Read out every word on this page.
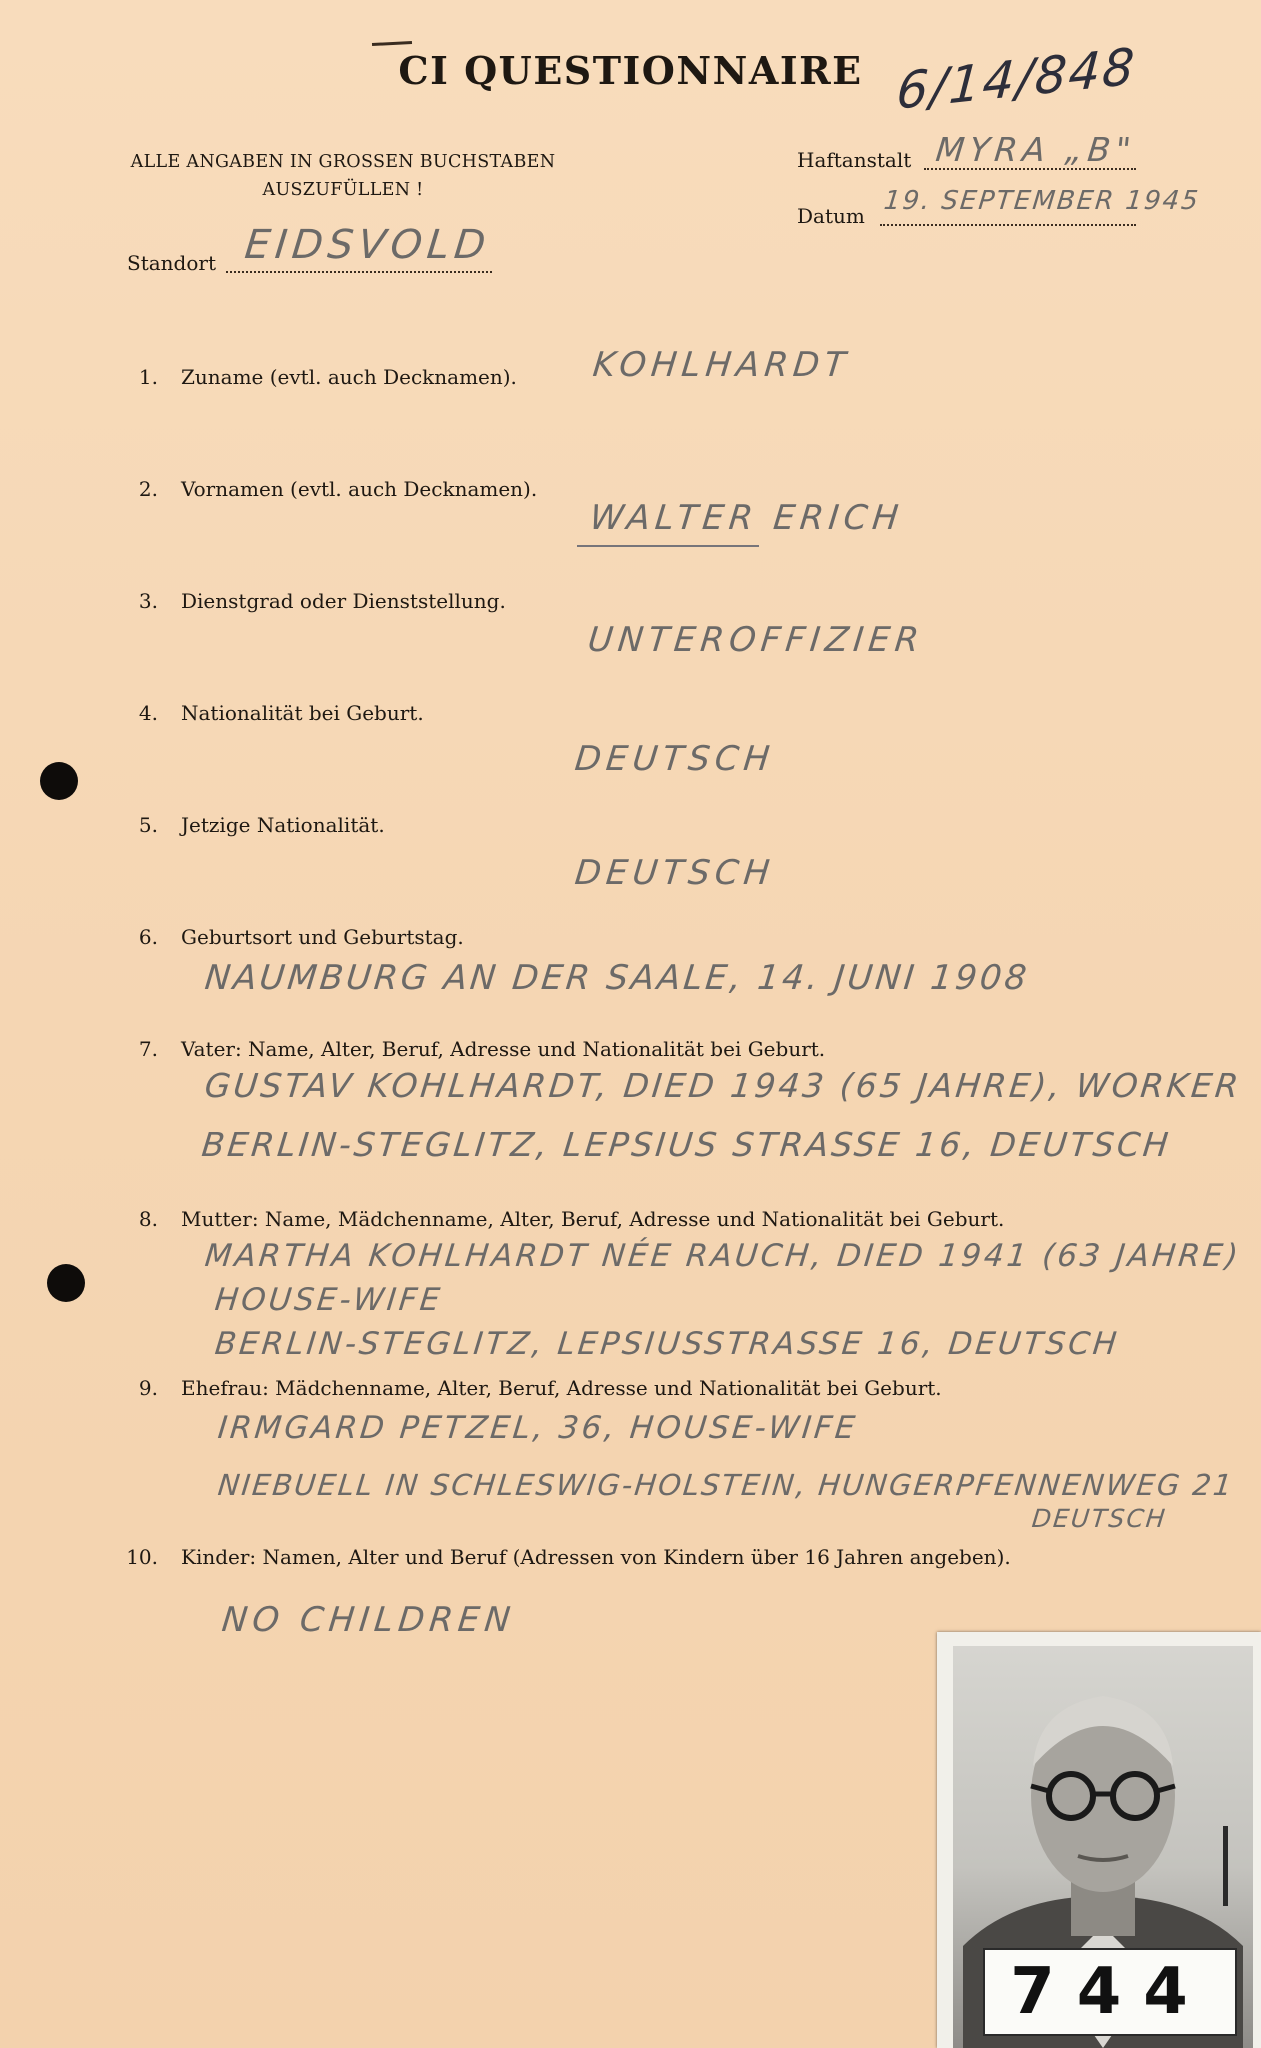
CI QUESTIONNAIRE 6/14/848
ALLE ANGABEN IN GROSSEN BUCHSTABEN AUSZUFÜLLEN !
Standort EIDSVOLD
Haftanstalt MYRA „B"
Datum 19. SEPTEMBER 1945
1. Zuname (evtl. auch Decknamen). KOHLHARDT
2. Vornamen (evtl. auch Decknamen).
WALTER ERICH
3. Dienstgrad oder Dienststellung.
UNTEROFFIZIER
4. Nationalität bei Geburt.
DEUTSCH
5. Jetzige Nationalität.
DEUTSCH
6. Geburtsort und Geburtstag.
NAUMBURG AN DER SAALE, 14. JUNI 1908
7. Vater: Name, Alter, Beruf, Adresse und Nationalität bei Geburt.
GUSTAV KOHLHARDT, DIED 1943 (65 JAHRE), WORKER
BERLIN-STEGLITZ, LEPSIUS STRASSE 16, DEUTSCH
8. Mutter: Name, Mädchenname, Alter, Beruf, Adresse und Nationalität bei Geburt.
MARTHA KOHLHARDT NÉE RAUCH, DIED 1941 (63 JAHRE)
HOUSE-WIFE
BERLIN-STEGLITZ, LEPSIUSSTRASSE 16, DEUTSCH
9. Ehefrau: Mädchenname, Alter, Beruf, Adresse und Nationalität bei Geburt.
IRMGARD PETZEL, 36, HOUSE-WIFE
NIEBUELL IN SCHLESWIG-HOLSTEIN, HUNGERPFENNENWEG 21
DEUTSCH
10. Kinder: Namen, Alter und Beruf (Adressen von Kindern über 16 Jahren angeben).
NO CHILDREN
744
